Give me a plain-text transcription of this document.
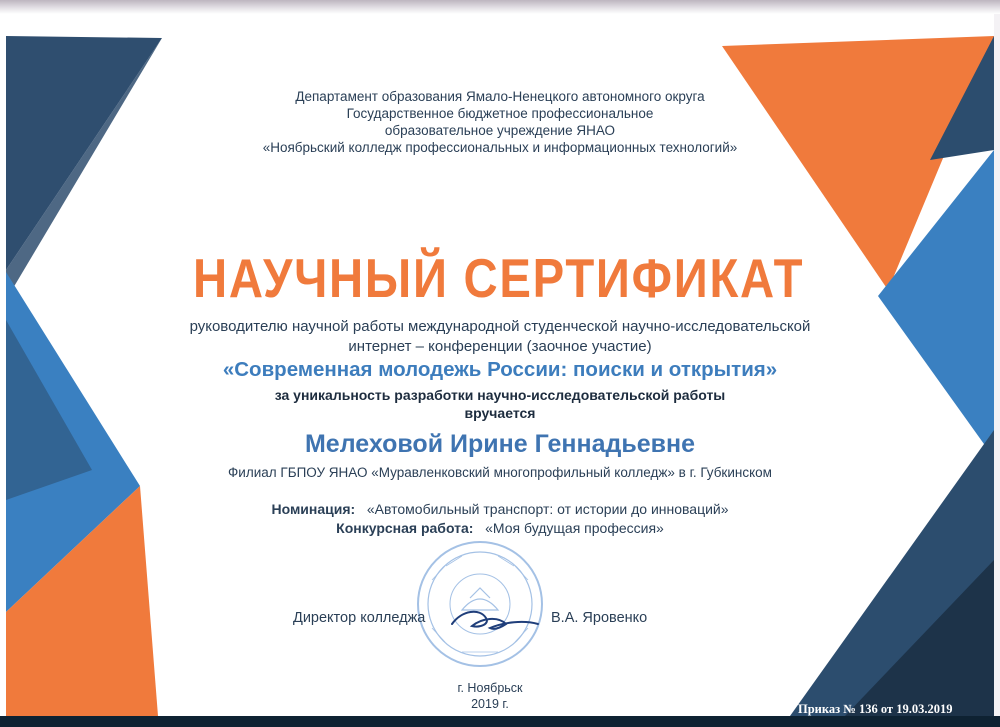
Департамент образования Ямало-Ненецкого автономного округа
Государственное бюджетное профессиональное
образовательное учреждение ЯНАО
«Ноябрьский колледж профессиональных и информационных технологий»
НАУЧНЫЙ СЕРТИФИКАТ
руководителю научной работы международной студенческой научно-исследовательской
интернет – конференции (заочное участие)
«Современная молодежь России: поиски и открытия»
за уникальность разработки научно-исследовательской работы
вручается
Мелеховой Ирине Геннадьевне
Филиал ГБПОУ ЯНАО «Муравленковский многопрофильный колледж» в г. Губкинском
Номинация: «Автомобильный транспорт: от истории до инноваций»
Конкурсная работа: «Моя будущая профессия»
Директор колледжа	В.А. Яровенко
г. Ноябрьск
2019 г.	Приказ № 136 от 19.03.2019
